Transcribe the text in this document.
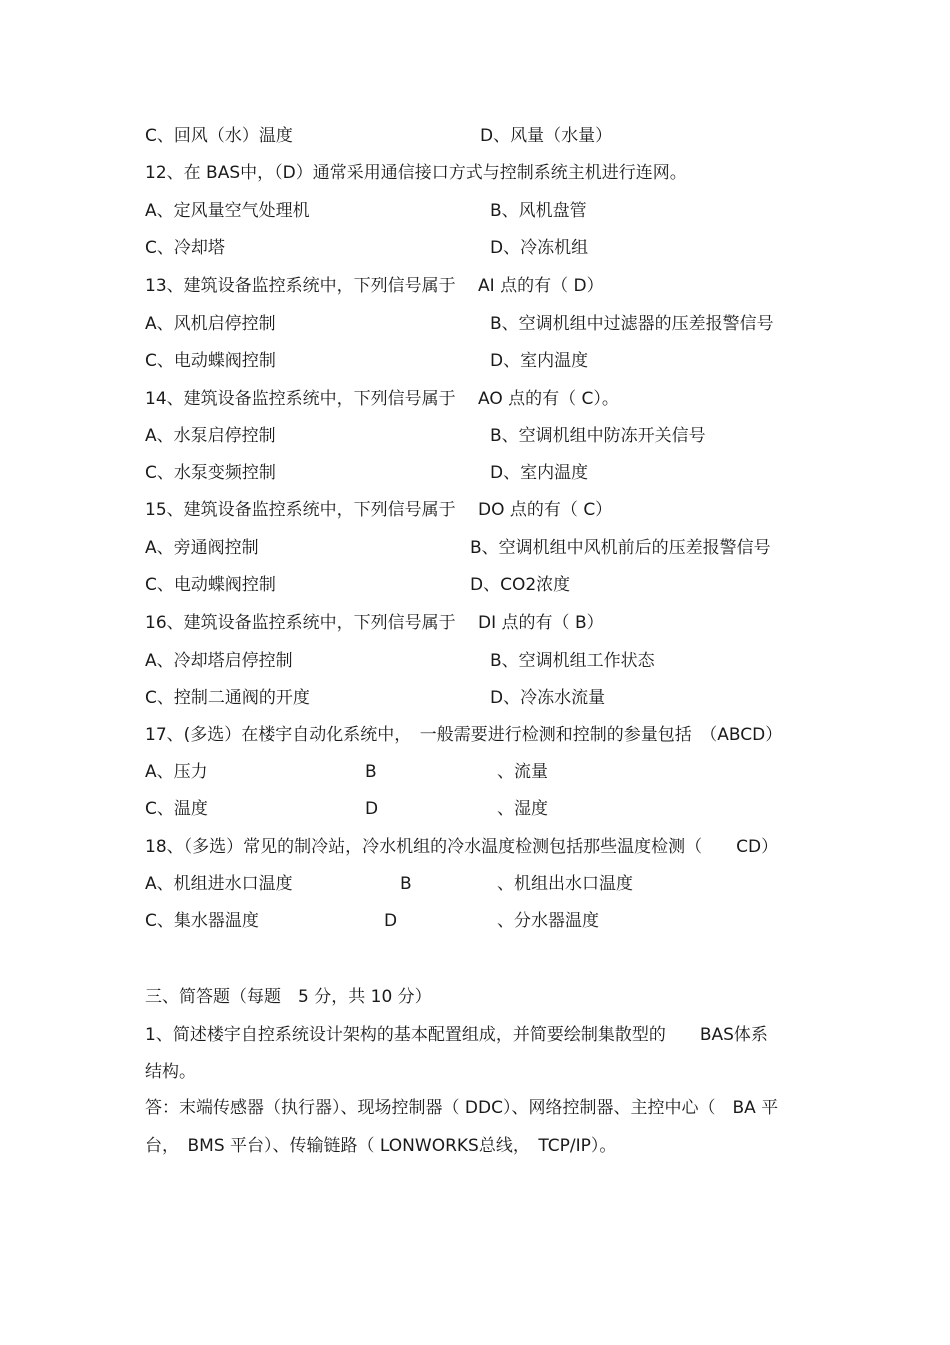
C、回风（水）温度	D、风量（水量）
12、在 BAS中，（D）通常采用通信接口方式与控制系统主机进行连网。
A、定风量空气处理机	B、风机盘管
C、冷却塔	D、冷冻机组
13、建筑设备监控系统中，下列信号属于　 AI 点的有（ D）
A、风机启停控制	B、空调机组中过滤器的压差报警信号
C、电动蝶阀控制	D、室内温度
14、建筑设备监控系统中，下列信号属于　 AO 点的有（ C）。
A、水泵启停控制	B、空调机组中防冻开关信号
C、水泵变频控制	D、室内温度
15、建筑设备监控系统中，下列信号属于　 DO 点的有（ C）
A、旁通阀控制	B、空调机组中风机前后的压差报警信号
C、电动蝶阀控制	D、CO2浓度
16、建筑设备监控系统中，下列信号属于　 DI 点的有（ B）
A、冷却塔启停控制	B、空调机组工作状态
C、控制二通阀的开度	D、冷冻水流量
17、(多选）在楼宇自动化系统中，　一般需要进行检测和控制的参量包括　（ABCD）
A、压力	B	、流量
C、温度	D	、湿度
18、（多选）常见的制冷站，冷水机组的冷水温度检测包括那些温度检测（　　CD）
A、机组进水口温度	B	、机组出水口温度
C、集水器温度	D	、分水器温度
三、简答题（每题　5 分，共 10 分）
1、简述楼宇自控系统设计架构的基本配置组成，并简要绘制集散型的　　BAS体系
结构。
答：末端传感器（执行器）、现场控制器（ DDC）、网络控制器、主控中心（　BA 平
台，　BMS 平台）、传输链路（ LONWORKS总线，　TCP/IP）。
